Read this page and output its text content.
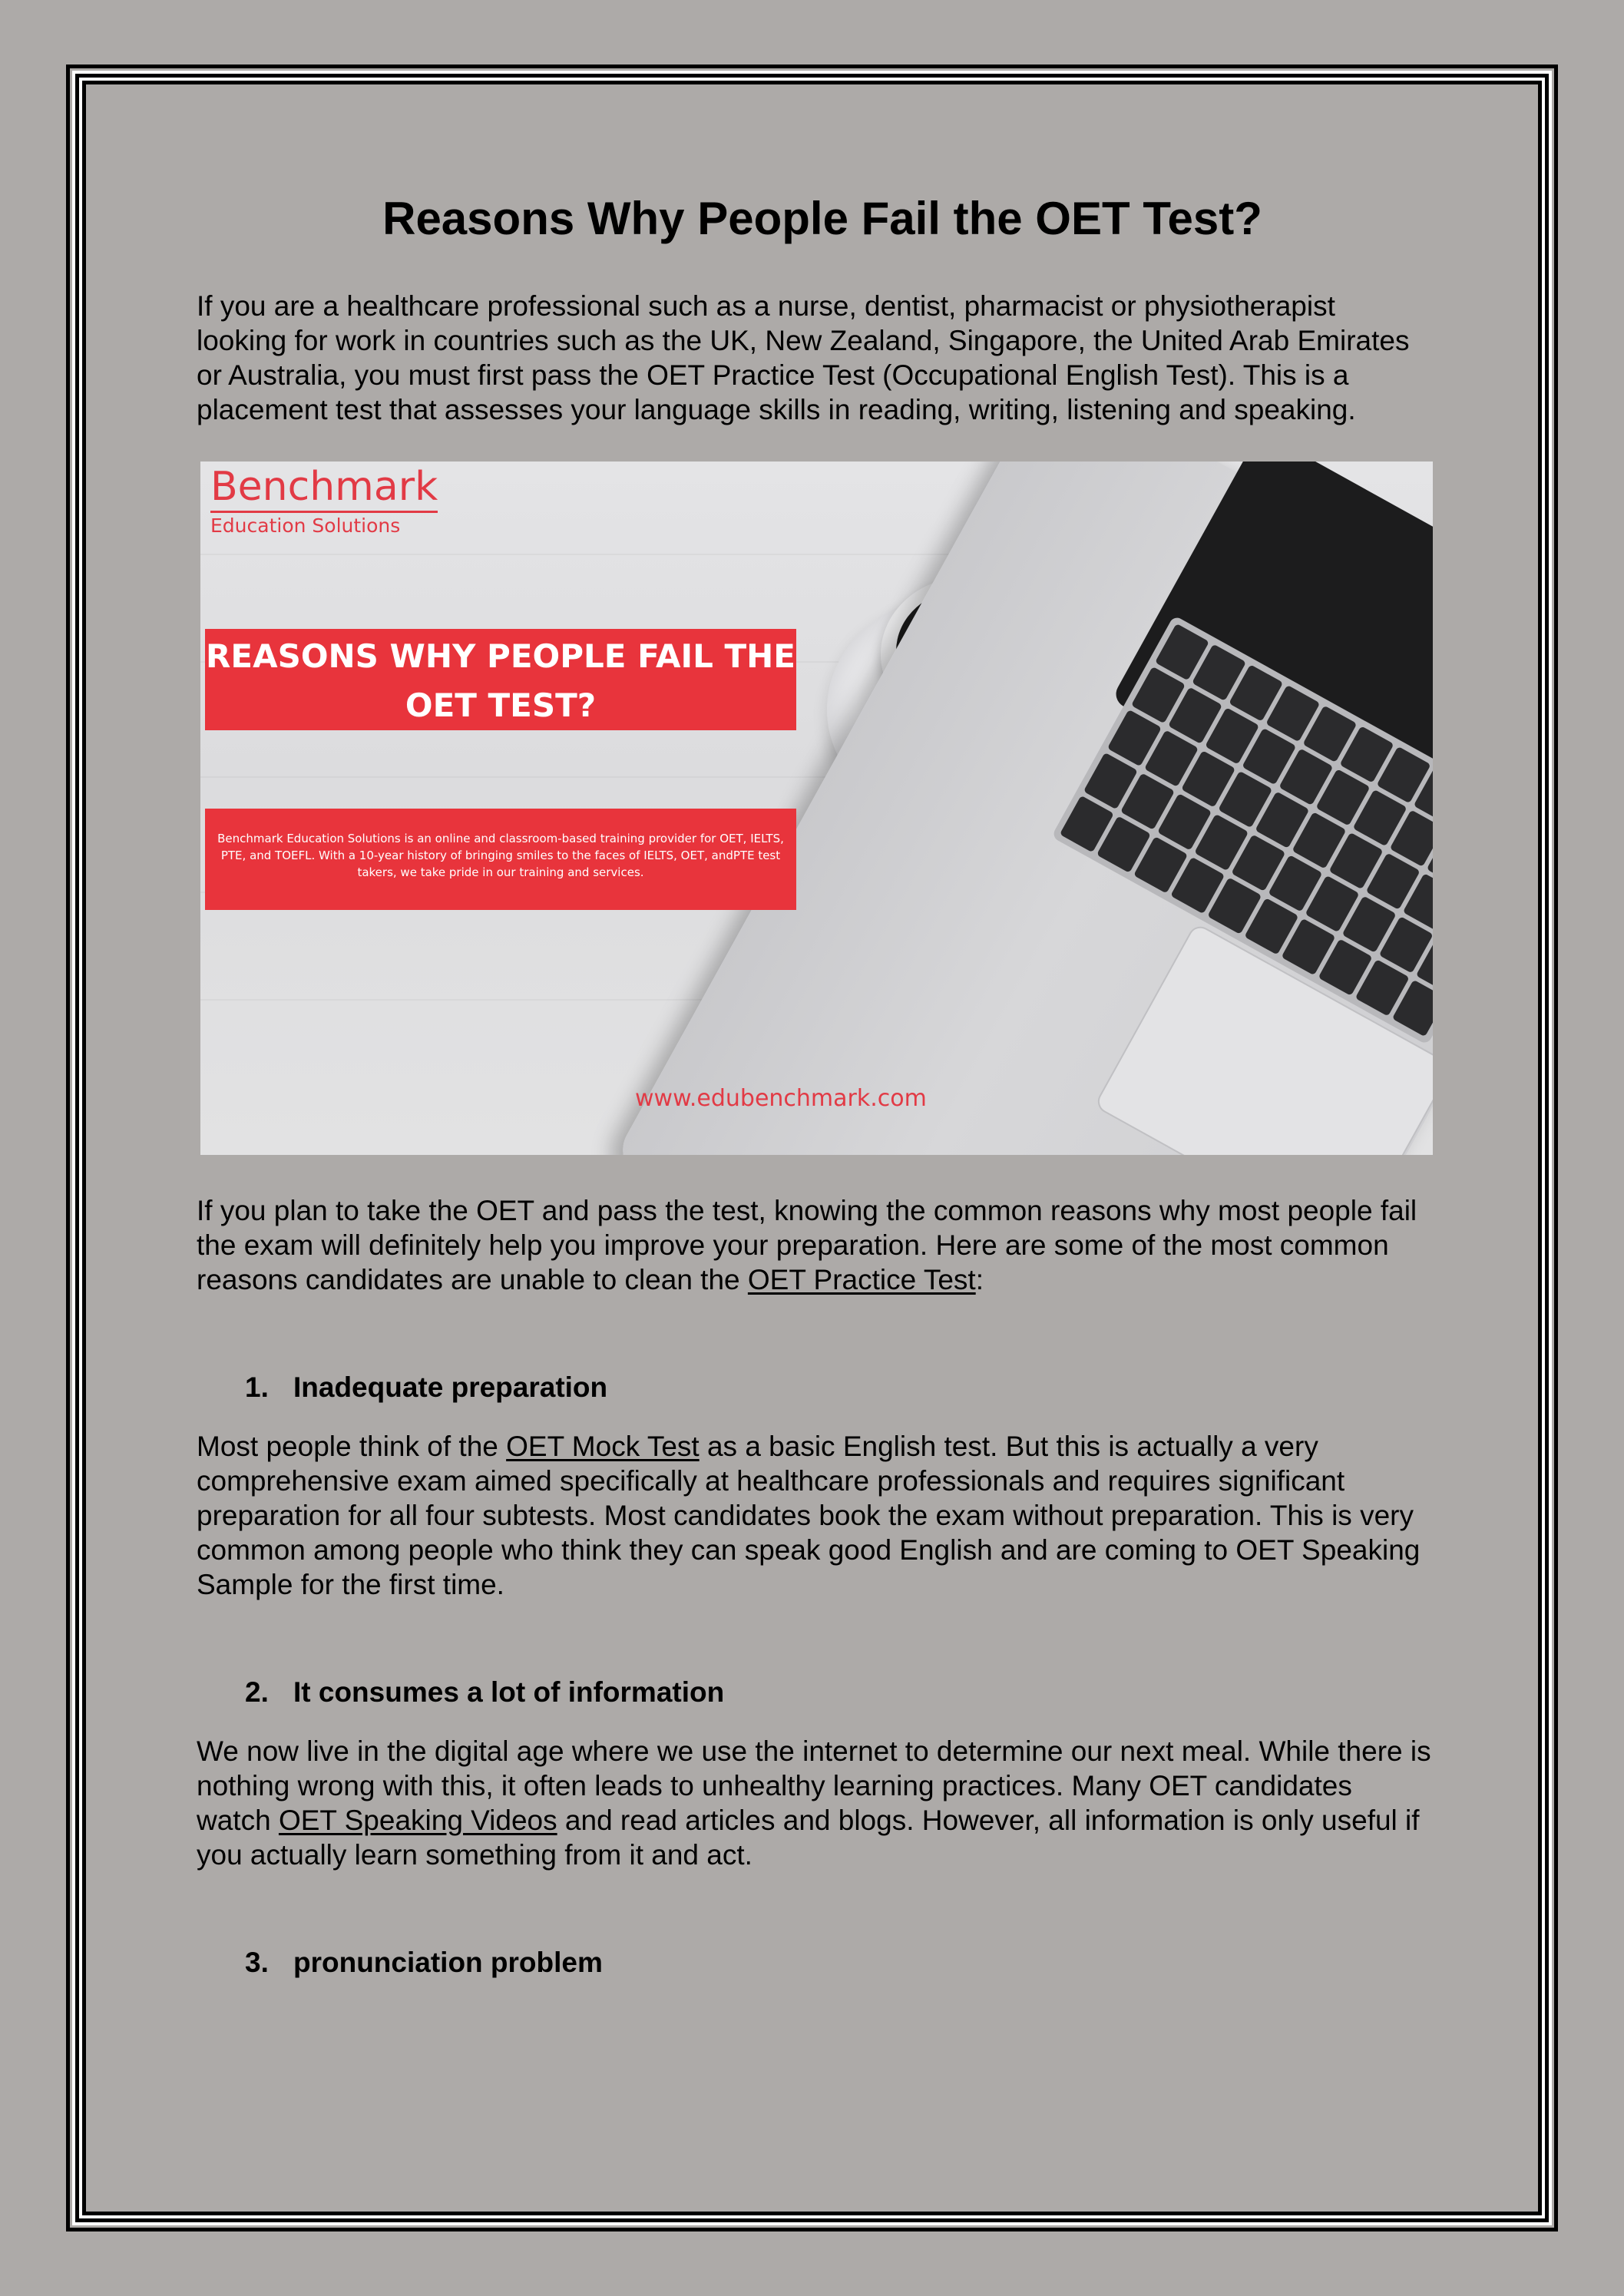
Reasons Why People Fail the OET Test?

If you are a healthcare professional such as a nurse, dentist, pharmacist or physiotherapist looking for work in countries such as the UK, New Zealand, Singapore, the United Arab Emirates or Australia, you must first pass the OET Practice Test (Occupational English Test). This is a placement test that assesses your language skills in reading, writing, listening and speaking.

Benchmark
Education Solutions
REASONS WHY PEOPLE FAIL THE OET TEST?
Benchmark Education Solutions is an online and classroom-based training provider for OET, IELTS, PTE, and TOEFL. With a 10-year history of bringing smiles to the faces of IELTS, OET, andPTE test takers, we take pride in our training and services.
www.edubenchmark.com

If you plan to take the OET and pass the test, knowing the common reasons why most people fail the exam will definitely help you improve your preparation. Here are some of the most common reasons candidates are unable to clean the OET Practice Test:

1. Inadequate preparation

Most people think of the OET Mock Test as a basic English test. But this is actually a very comprehensive exam aimed specifically at healthcare professionals and requires significant preparation for all four subtests. Most candidates book the exam without preparation. This is very common among people who think they can speak good English and are coming to OET Speaking Sample for the first time.

2. It consumes a lot of information

We now live in the digital age where we use the internet to determine our next meal. While there is nothing wrong with this, it often leads to unhealthy learning practices. Many OET candidates watch OET Speaking Videos and read articles and blogs. However, all information is only useful if you actually learn something from it and act.

3. pronunciation problem
